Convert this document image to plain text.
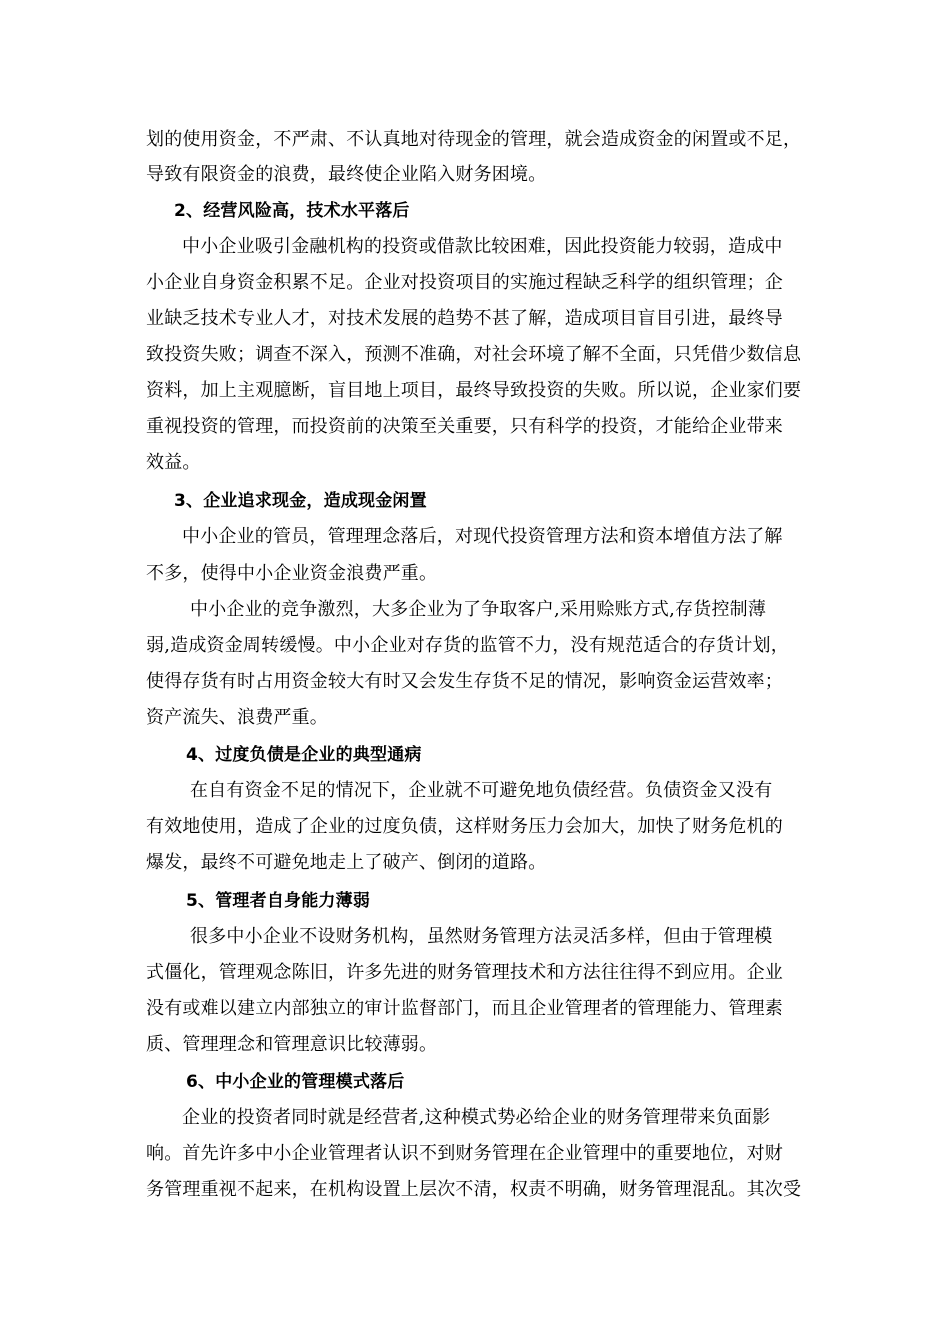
划的使用资金，不严肃、不认真地对待现金的管理，就会造成资金的闲置或不足，
导致有限资金的浪费，最终使企业陷入财务困境。
2、经营风险高，技术水平落后
中小企业吸引金融机构的投资或借款比较困难，因此投资能力较弱，造成中
小企业自身资金积累不足。企业对投资项目的实施过程缺乏科学的组织管理；企
业缺乏技术专业人才，对技术发展的趋势不甚了解，造成项目盲目引进，最终导
致投资失败；调查不深入，预测不准确，对社会环境了解不全面，只凭借少数信息
资料，加上主观臆断，盲目地上项目，最终导致投资的失败。所以说，企业家们要
重视投资的管理，而投资前的决策至关重要，只有科学的投资，才能给企业带来
效益。
3、企业追求现金，造成现金闲置
中小企业的管员，管理理念落后，对现代投资管理方法和资本增值方法了解
不多，使得中小企业资金浪费严重。
中小企业的竞争激烈，大多企业为了争取客户,采用赊账方式,存货控制薄
弱,造成资金周转缓慢。中小企业对存货的监管不力，没有规范适合的存货计划，
使得存货有时占用资金较大有时又会发生存货不足的情况，影响资金运营效率；
资产流失、浪费严重。
4、过度负债是企业的典型通病
在自有资金不足的情况下，企业就不可避免地负债经营。负债资金又没有
有效地使用，造成了企业的过度负债，这样财务压力会加大，加快了财务危机的
爆发，最终不可避免地走上了破产、倒闭的道路。
5、管理者自身能力薄弱
很多中小企业不设财务机构，虽然财务管理方法灵活多样，但由于管理模
式僵化，管理观念陈旧，许多先进的财务管理技术和方法往往得不到应用。企业
没有或难以建立内部独立的审计监督部门，而且企业管理者的管理能力、管理素
质、管理理念和管理意识比较薄弱。
6、中小企业的管理模式落后
企业的投资者同时就是经营者,这种模式势必给企业的财务管理带来负面影
响。首先许多中小企业管理者认识不到财务管理在企业管理中的重要地位，对财
务管理重视不起来，在机构设置上层次不清，权责不明确，财务管理混乱。其次受
